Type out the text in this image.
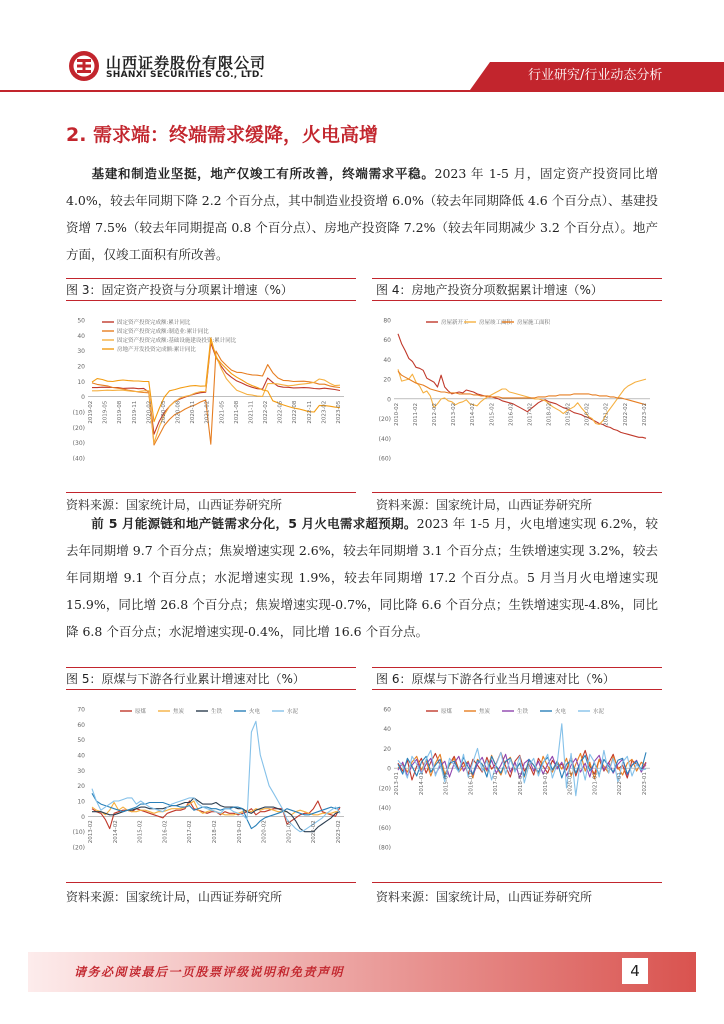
山西证券股份有限公司
SHANXI SECURITIES CO., LTD.	行业研究/行业动态分析
2. 需求端：终端需求缓降，火电高增
基建和制造业坚挺，地产仅竣工有所改善，终端需求平稳。2023 年 1-5 月，固定资产投资同比增 4.0%，较去年同期下降 2.2 个百分点，其中制造业投资增 6.0%（较去年同期降低 4.6 个百分点）、基建投资增 7.5%（较去年同期提高 0.8 个百分点）、房地产投资降 7.2%（较去年同期减少 3.2 个百分点）。地产方面，仅竣工面积有所改善。
图 3：固定资产投资与分项累计增速（%）	图 4：房地产投资分项数据累计增速（%）
50
40
30
20
10
0
(10)
(20)
(30)
(40)
固定资产投资完成额:累计同比
固定资产投资完成额:制造业:累计同比
固定资产投资完成额:基础设施建设投资:累计同比
房地产开发投资完成额:累计同比
2019-02 2019-05 2019-08 2019-11 2020-02 2020-05 2020-08 2020-11 2021-02 2021-05 2021-08 2021-11 2022-02 2022-05 2022-08 2022-11 2023-02 2023-05
80
60
40
20
0
(20)
(40)
(60)
房屋新开工 房屋竣工面积 房屋施工面积
2010-02 2011-02 2012-02 2013-02 2014-02 2015-02 2016-02 2017-02 2018-02 2019-02 2020-02 2021-02 2022-02 2023-02
资料来源：国家统计局，山西证券研究所	资料来源：国家统计局，山西证券研究所
前 5 月能源链和地产链需求分化，5 月火电需求超预期。2023 年 1-5 月，火电增速实现 6.2%，较去年同期增 9.7 个百分点；焦炭增速实现 2.6%，较去年同期增 3.1 个百分点；生铁增速实现 3.2%，较去年同期增 9.1 个百分点；水泥增速实现 1.9%，较去年同期增 17.2 个百分点。5 月当月火电增速实现 15.9%，同比增 26.8 个百分点；焦炭增速实现-0.7%，同比降 6.6 个百分点；生铁增速实现-4.8%，同比降 6.8 个百分点；水泥增速实现-0.4%，同比增 16.6 个百分点。
图 5：原煤与下游各行业累计增速对比（%）	图 6：原煤与下游各行业当月增速对比（%）
70
60
50
40
30
20
10
0
(10)
(20)
原煤	焦炭	生铁	火电	水泥
2013-02	2014-02	2015-02	2016-02	2017-02	2018-02	2019-02	2020-02	2021-02	2022-02	2023-02
60
40
20
0
(20)
(40)
(60)
(80)
原煤	焦炭	生铁	火电	水泥
2013-01	2014-01	2015-01	2016-01	2017-01	2018-01	2019-01	2020-01	2021-01	2022-01	2023-01
资料来源：国家统计局，山西证券研究所	资料来源：国家统计局，山西证券研究所
请务必阅读最后一页股票评级说明和免责声明	4
